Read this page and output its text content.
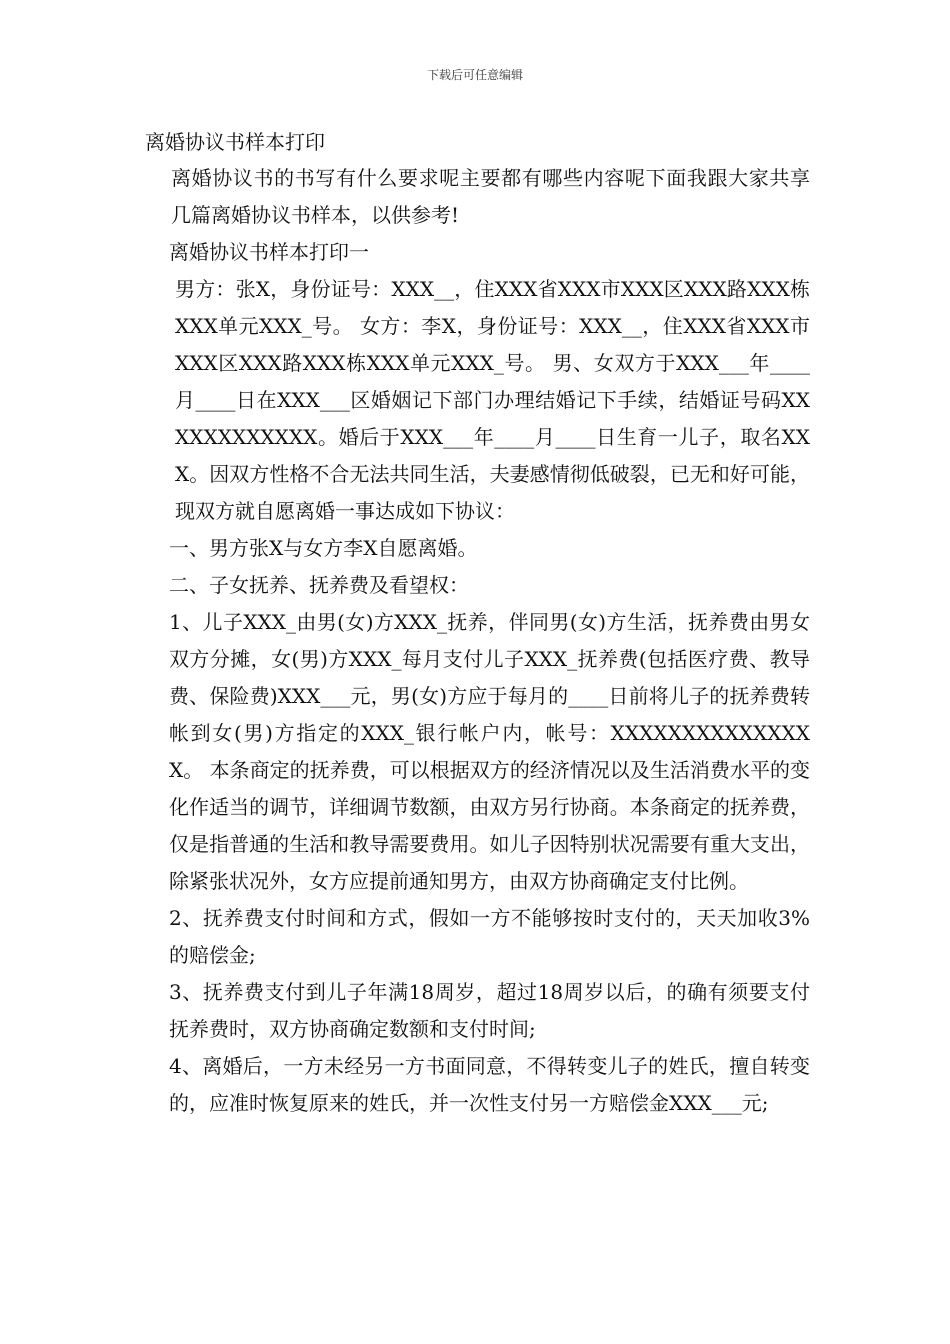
下载后可任意编辑
离婚协议书样本打印

离婚协议书的书写有什么要求呢主要都有哪些内容呢下面我跟大家共享几篇离婚协议书样本，以供参考!

离婚协议书样本打印一

男方：张X，身份证号：XXX__，住XXX省XXX市XXX区XXX路XXX栋XXX单元XXX_号。 女方：李X，身份证号：XXX__，住XXX省XXX市XXX区XXX路XXX栋XXX单元XXX_号。 男、女双方于XXX___年____月____日在XXX___区婚姻记下部门办理结婚记下手续，结婚证号码XXXXXXXXXXXX。婚后于XXX___年____月____日生育一儿子，取名XXX。因双方性格不合无法共同生活，夫妻感情彻低破裂，已无和好可能，现双方就自愿离婚一事达成如下协议：

一、男方张X与女方李X自愿离婚。

二、子女抚养、抚养费及看望权：

1、儿子XXX_由男(女)方XXX_抚养，伴同男(女)方生活，抚养费由男女双方分摊，女(男)方XXX_每月支付儿子XXX_抚养费(包括医疗费、教导费、保险费)XXX___元，男(女)方应于每月的____日前将儿子的抚养费转帐到女(男)方指定的XXX_银行帐户内，帐号：XXXXXXXXXXXXXXX。 本条商定的抚养费，可以根据双方的经济情况以及生活消费水平的变化作适当的调节，详细调节数额，由双方另行协商。本条商定的抚养费，仅是指普通的生活和教导需要费用。如儿子因特别状况需要有重大支出，除紧张状况外，女方应提前通知男方，由双方协商确定支付比例。

2、抚养费支付时间和方式，假如一方不能够按时支付的，天天加收3%的赔偿金;

3、抚养费支付到儿子年满18周岁，超过18周岁以后，的确有须要支付抚养费时，双方协商确定数额和支付时间;

4、离婚后，一方未经另一方书面同意，不得转变儿子的姓氏，擅自转变的，应准时恢复原来的姓氏，并一次性支付另一方赔偿金XXX___元;
